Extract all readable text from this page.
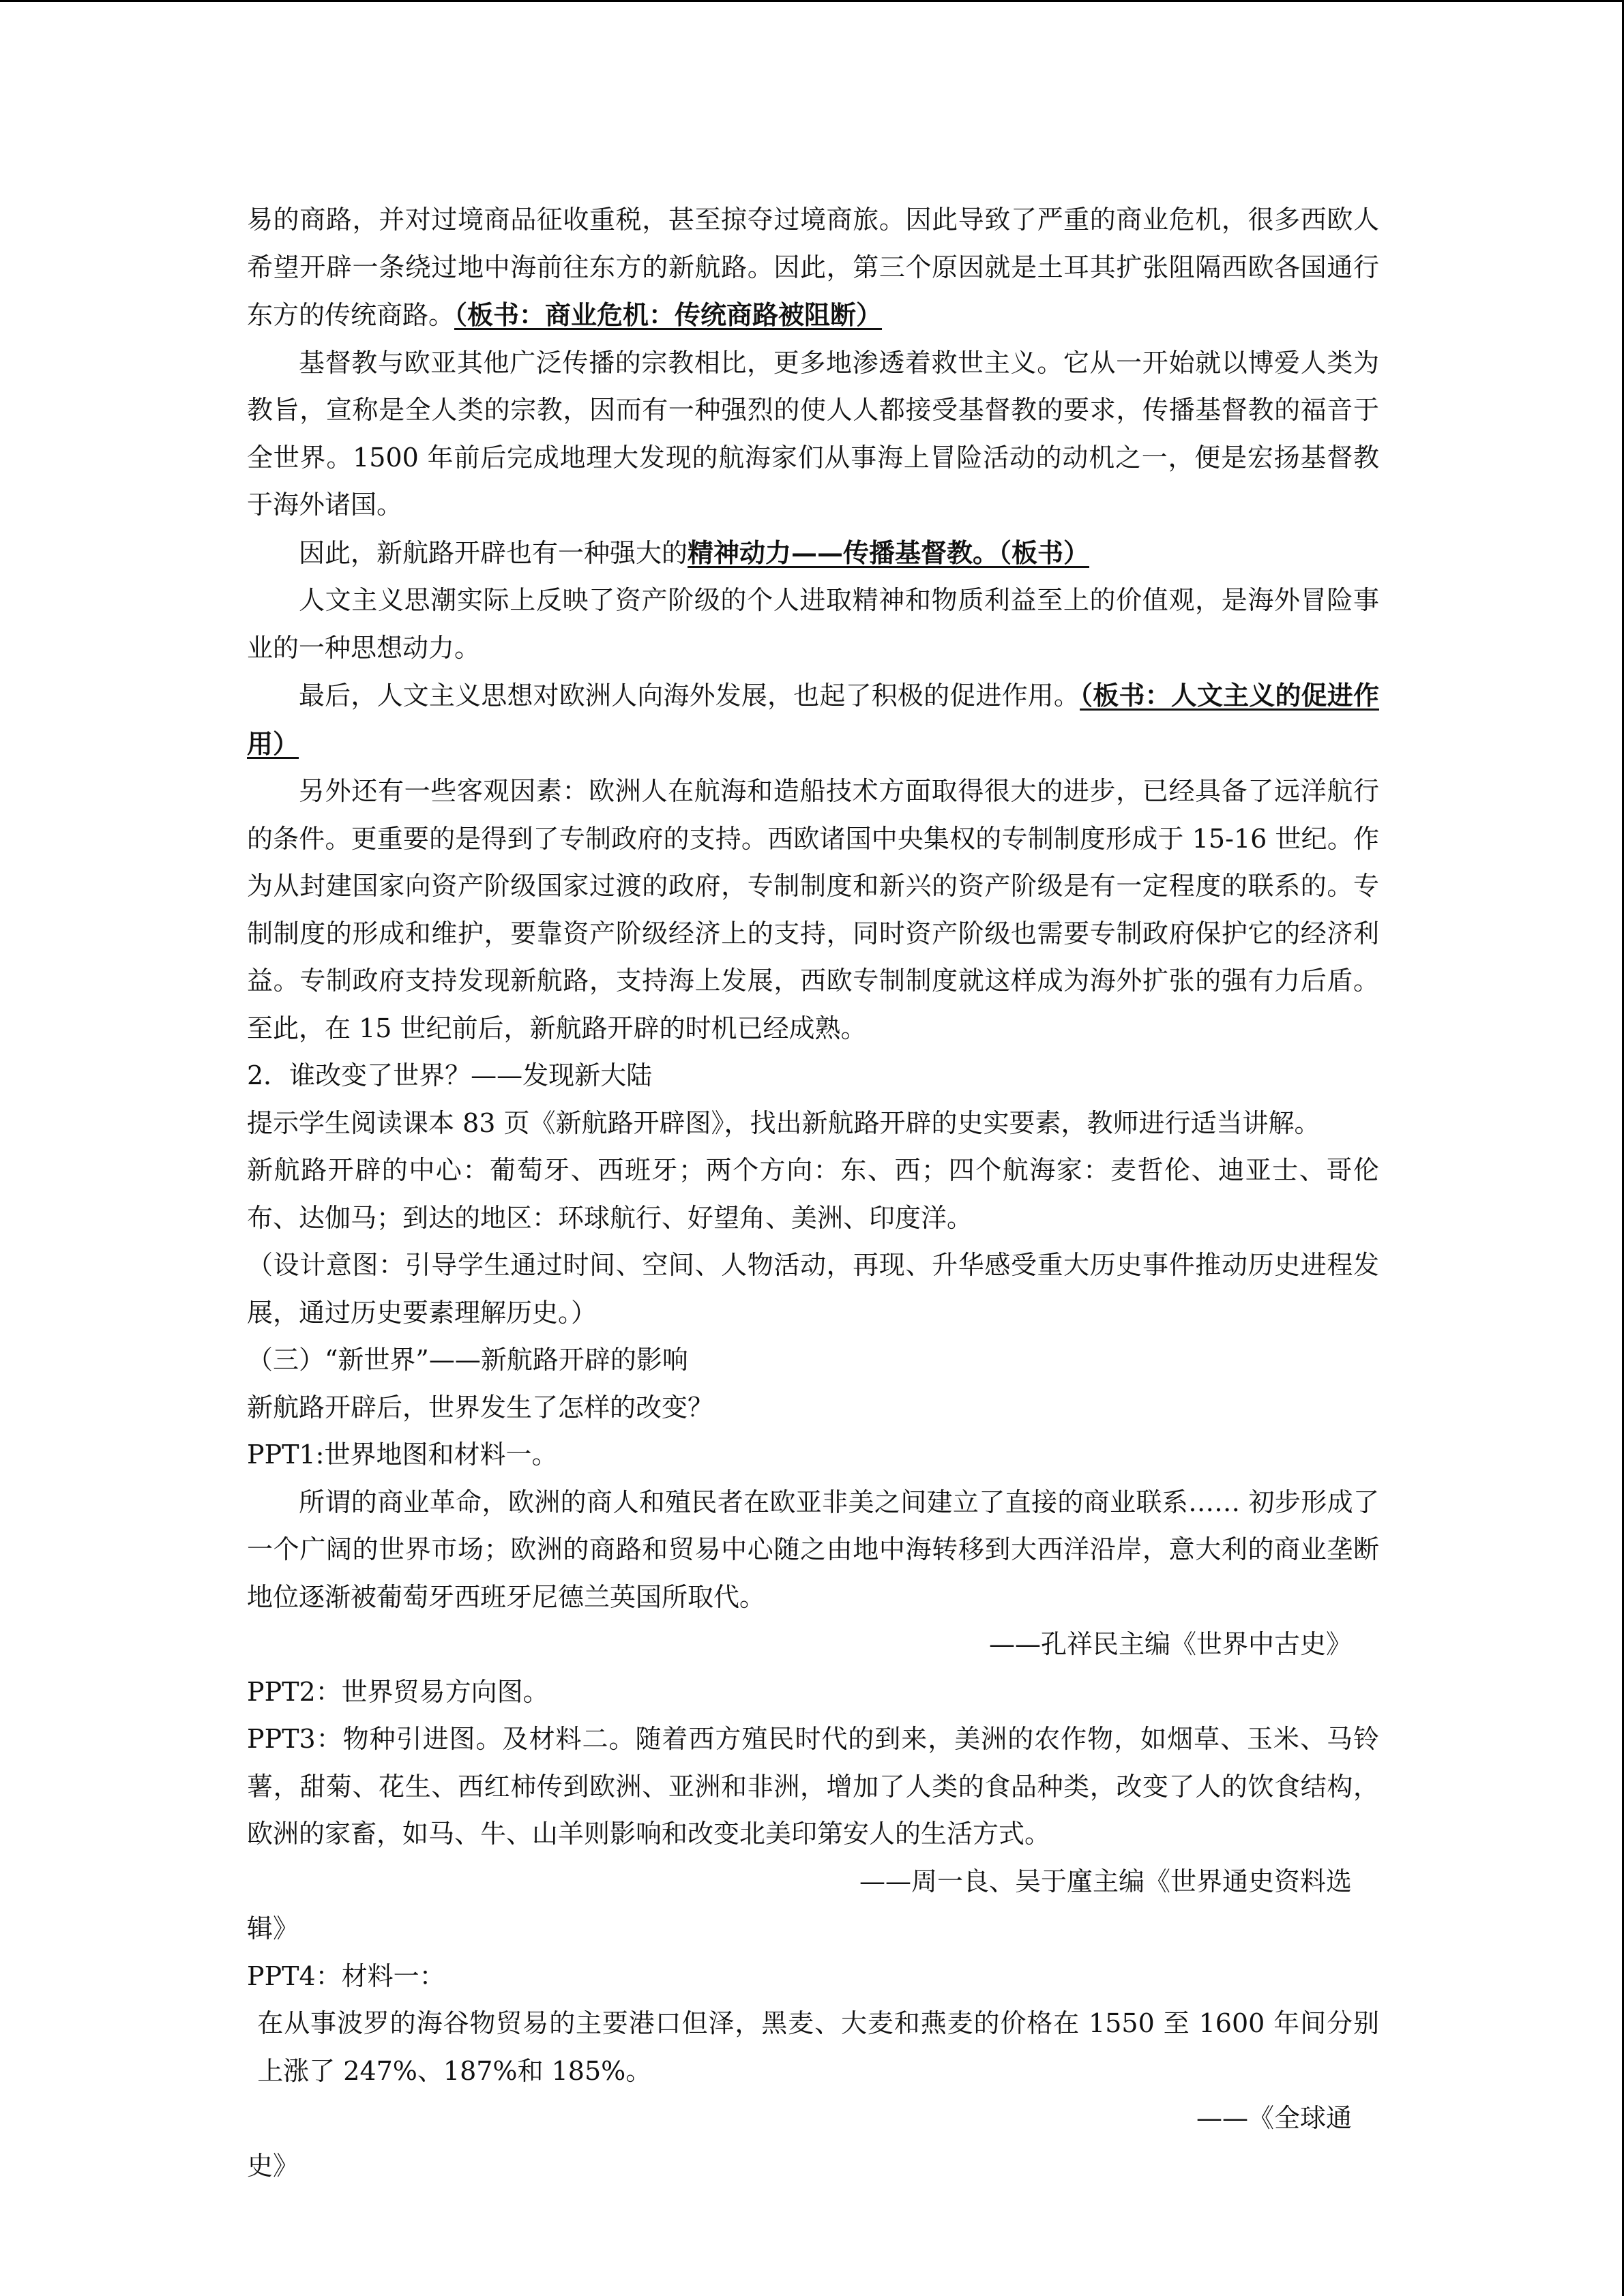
易的商路，并对过境商品征收重税，甚至掠夺过境商旅。因此导致了严重的商业危机，很多西欧人希望开辟一条绕过地中海前往东方的新航路。因此，第三个原因就是土耳其扩张阻隔西欧各国通行东方的传统商路。（板书：商业危机：传统商路被阻断）

基督教与欧亚其他广泛传播的宗教相比，更多地渗透着救世主义。它从一开始就以博爱人类为教旨，宣称是全人类的宗教，因而有一种强烈的使人人都接受基督教的要求，传播基督教的福音于全世界。1500 年前后完成地理大发现的航海家们从事海上冒险活动的动机之一，便是宏扬基督教于海外诸国。

因此，新航路开辟也有一种强大的精神动力——传播基督教。（板书）

人文主义思潮实际上反映了资产阶级的个人进取精神和物质利益至上的价值观，是海外冒险事业的一种思想动力。

最后，人文主义思想对欧洲人向海外发展，也起了积极的促进作用。（板书：人文主义的促进作用）

另外还有一些客观因素：欧洲人在航海和造船技术方面取得很大的进步，已经具备了远洋航行的条件。更重要的是得到了专制政府的支持。西欧诸国中央集权的专制制度形成于 15-16 世纪。作为从封建国家向资产阶级国家过渡的政府，专制制度和新兴的资产阶级是有一定程度的联系的。专制制度的形成和维护，要靠资产阶级经济上的支持，同时资产阶级也需要专制政府保护它的经济利益。专制政府支持发现新航路，支持海上发展，西欧专制制度就这样成为海外扩张的强有力后盾。至此，在 15 世纪前后，新航路开辟的时机已经成熟。

2．谁改变了世界？——发现新大陆

提示学生阅读课本 83 页《新航路开辟图》，找出新航路开辟的史实要素，教师进行适当讲解。

新航路开辟的中心：葡萄牙、西班牙；两个方向：东、西；四个航海家：麦哲伦、迪亚士、哥伦布、达伽马；到达的地区：环球航行、好望角、美洲、印度洋。

（设计意图：引导学生通过时间、空间、人物活动，再现、升华感受重大历史事件推动历史进程发展，通过历史要素理解历史。）

（三）“新世界”——新航路开辟的影响

新航路开辟后，世界发生了怎样的改变？

PPT1:世界地图和材料一。

所谓的商业革命，欧洲的商人和殖民者在欧亚非美之间建立了直接的商业联系…… 初步形成了一个广阔的世界市场；欧洲的商路和贸易中心随之由地中海转移到大西洋沿岸，意大利的商业垄断地位逐渐被葡萄牙西班牙尼德兰英国所取代。

——孔祥民主编《世界中古史》

PPT2：世界贸易方向图。

PPT3：物种引进图。及材料二。随着西方殖民时代的到来，美洲的农作物，如烟草、玉米、马铃薯，甜菊、花生、西红柿传到欧洲、亚洲和非洲，增加了人类的食品种类，改变了人的饮食结构，欧洲的家畜，如马、牛、山羊则影响和改变北美印第安人的生活方式。

——周一良、吴于廑主编《世界通史资料选

辑》

PPT4：材料一：

在从事波罗的海谷物贸易的主要港口但泽，黑麦、大麦和燕麦的价格在 1550 至 1600 年间分别上涨了 247%、187%和 185%。

——《全球通

史》
